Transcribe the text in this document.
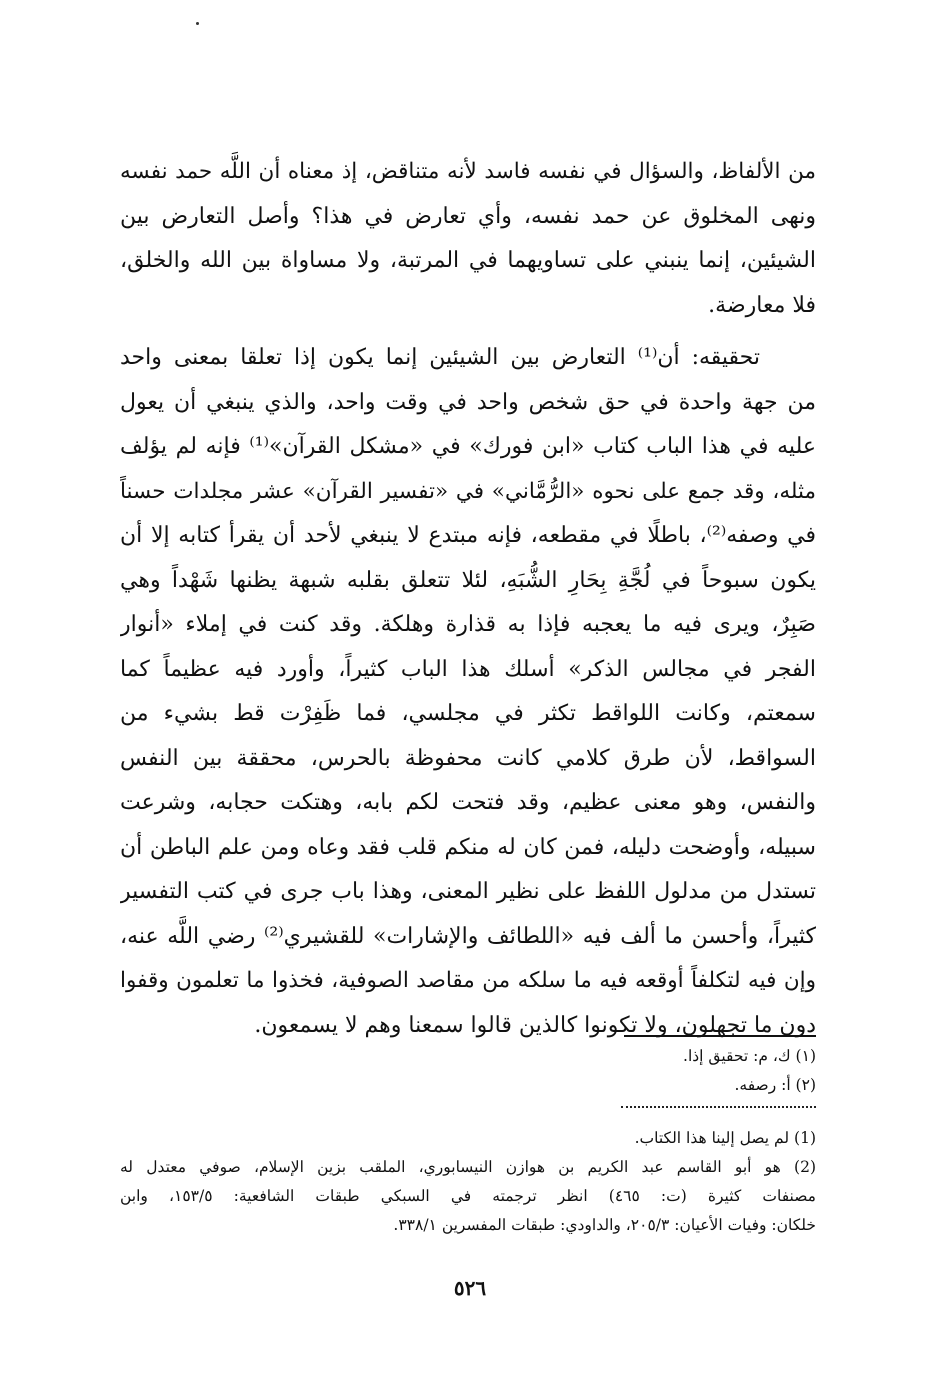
من الألفاظ، والسؤال في نفسه فاسد لأنه متناقض، إذ معناه أن اللَّه حمد نفسه
ونهى المخلوق عن حمد نفسه، وأي تعارض في هذا؟ وأصل التعارض بين
الشيئين، إنما ينبني على تساويهما في المرتبة، ولا مساواة بين الله والخلق،
فلا معارضة.
تحقيقه: أن⁽¹⁾ التعارض بين الشيئين إنما يكون إذا تعلقا بمعنى واحد
من جهة واحدة في حق شخص واحد في وقت واحد، والذي ينبغي أن يعول
عليه في هذا الباب كتاب «ابن فورك» في «مشكل القرآن»⁽¹⁾ فإنه لم يؤلف
مثله، وقد جمع على نحوه «الرُّمَّاني» في «تفسير القرآن» عشر مجلدات حسناً
في وصفه⁽²⁾، باطلًا في مقطعه، فإنه مبتدع لا ينبغي لأحد أن يقرأ كتابه إلا أن
يكون سبوحاً في لُجَّةِ بِحَارِ الشُّبَهِ، لئلا تتعلق بقلبه شبهة يظنها شَهْداً وهي
صَبِرٌ، ويرى فيه ما يعجبه فإذا به قذارة وهلكة. وقد كنت في إملاء «أنوار
الفجر في مجالس الذكر» أسلك هذا الباب كثيراً، وأورد فيه عظيماً كما
سمعتم، وكانت اللواقط تكثر في مجلسي، فما ظَفِرْت قط بشيء من
السواقط، لأن طرق كلامي كانت محفوظة بالحرس، محققة بين النفس
والنفس، وهو معنى عظيم، وقد فتحت لكم بابه، وهتكت حجابه، وشرعت
سبيله، وأوضحت دليله، فمن كان له منكم قلب فقد وعاه ومن علم الباطن أن
تستدل من مدلول اللفظ على نظير المعنى، وهذا باب جرى في كتب التفسير
كثيراً، وأحسن ما ألف فيه «اللطائف والإشارات» للقشيري⁽²⁾ رضي اللَّه عنه،
وإن فيه لتكلفاً أوقعه فيه ما سلكه من مقاصد الصوفية، فخذوا ما تعلمون وقفوا
دون ما تجهلون، ولا تكونوا كالذين قالوا سمعنا وهم لا يسمعون.
(١) ك، م: تحقيق إذا.
(٢) أ: رصفه.
(1) لم يصل إلينا هذا الكتاب.
(2) هو أبو القاسم عبد الكريم بن هوازن النيسابوري، الملقب بزين الإسلام، صوفي معتدل له
مصنفات كثيرة (ت: ٤٦٥) انظر ترجمته في السبكي طبقات الشافعية: ١٥٣/٥، وابن
خلكان: وفيات الأعيان: ٢٠٥/٣، والداودي: طبقات المفسرين ٣٣٨/١.
٥٢٦
